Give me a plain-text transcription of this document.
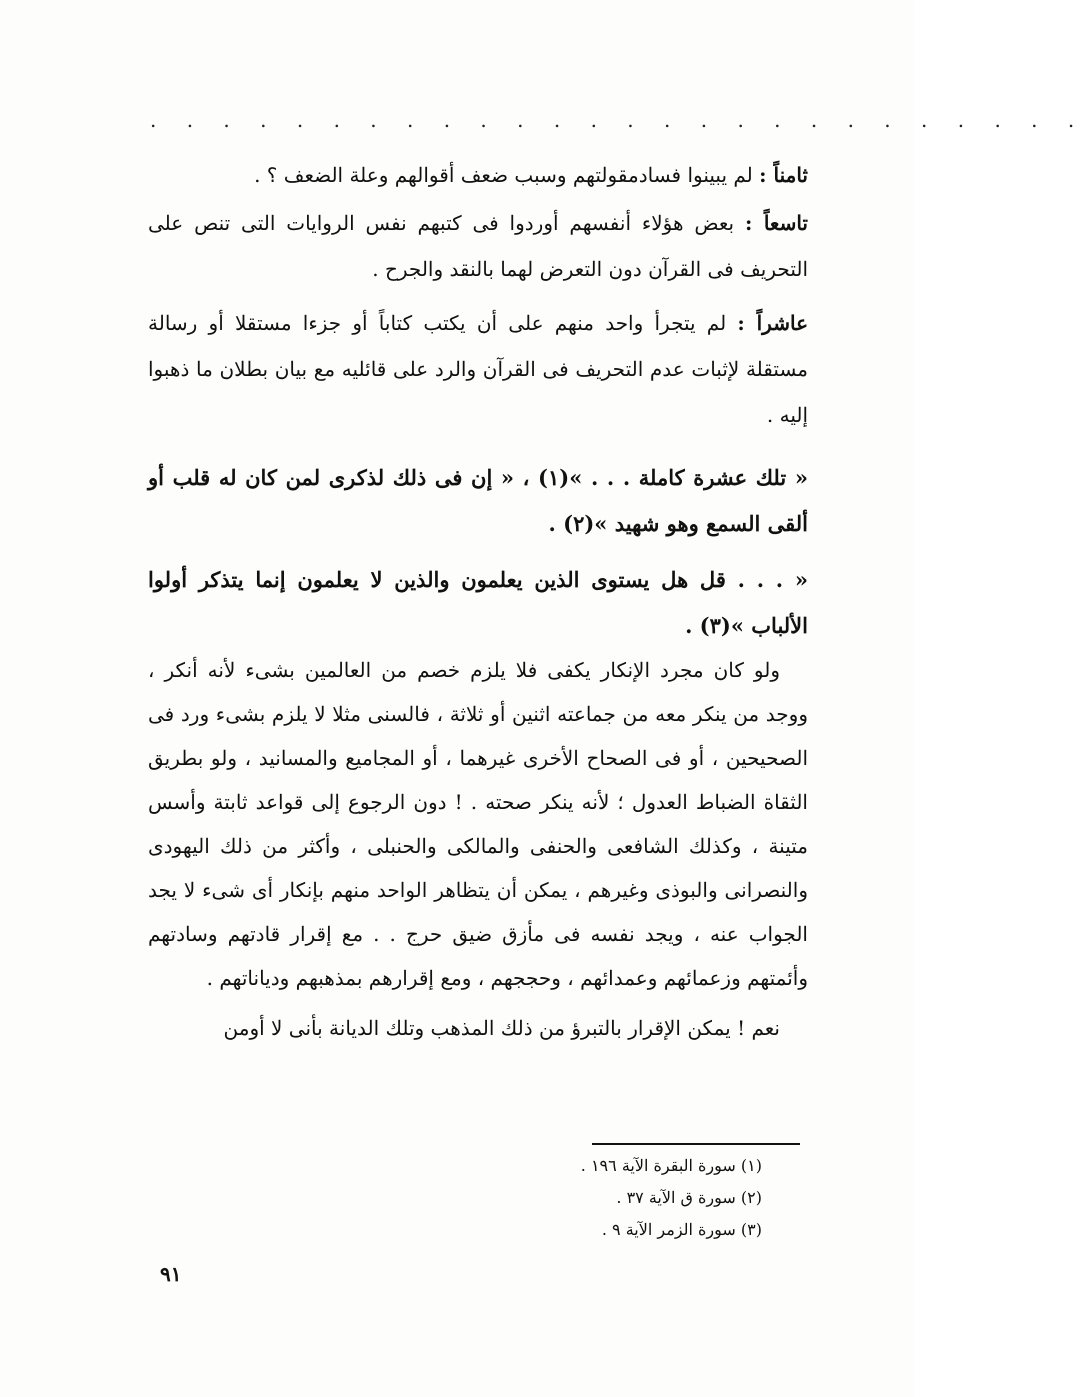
. . . . . . . . . . . . . . . . . . . . . . . . . .

ثامناً : لم يبينوا فسادمقولتهم وسبب ضعف أقوالهم وعلة الضعف ؟ .

تاسعاً : بعض هؤلاء أنفسهم أوردوا فى كتبهم نفس الروايات التى تنص على التحريف فى القرآن دون التعرض لهما بالنقد والجرح .

عاشراً : لم يتجرأ واحد منهم على أن يكتب كتاباً أو جزءا مستقلا أو رسالة مستقلة لإثبات عدم التحريف فى القرآن والرد على قائليه مع بيان بطلان ما ذهبوا إليه .

« تلك عشرة كاملة . . . »(١) ، « إن فى ذلك لذكرى لمن كان له قلب أو ألقى السمع وهو شهيد »(٢) .

« . . . قل هل يستوى الذين يعلمون والذين لا يعلمون إنما يتذكر أولوا الألباب »(٣) .

ولو كان مجرد الإنكار يكفى فلا يلزم خصم من العالمين بشىء لأنه أنكر ، ووجد من ينكر معه من جماعته اثنين أو ثلاثة ، فالسنى مثلا لا يلزم بشىء ورد فى الصحيحين ، أو فى الصحاح الأخرى غيرهما ، أو المجاميع والمسانيد ، ولو بطريق الثقاة الضباط العدول ؛ لأنه ينكر صحته . ! دون الرجوع إلى قواعد ثابتة وأسس متينة ، وكذلك الشافعى والحنفى والمالكى والحنبلى ، وأكثر من ذلك اليهودى والنصرانى والبوذى وغيرهم ، يمكن أن يتظاهر الواحد منهم بإنكار أى شىء لا يجد الجواب عنه ، ويجد نفسه فى مأزق ضيق حرج . . مع إقرار قادتهم وسادتهم وأئمتهم وزعمائهم وعمدائهم ، وحججهم ، ومع إقرارهم بمذهبهم ودياناتهم .

نعم ! يمكن الإقرار بالتبرؤ من ذلك المذهب وتلك الديانة بأنى لا أومن

(١) سورة البقرة الآية ١٩٦ .

(٢) سورة ق الآية ٣٧ .

(٣) سورة الزمر الآية ٩ .

٩١
